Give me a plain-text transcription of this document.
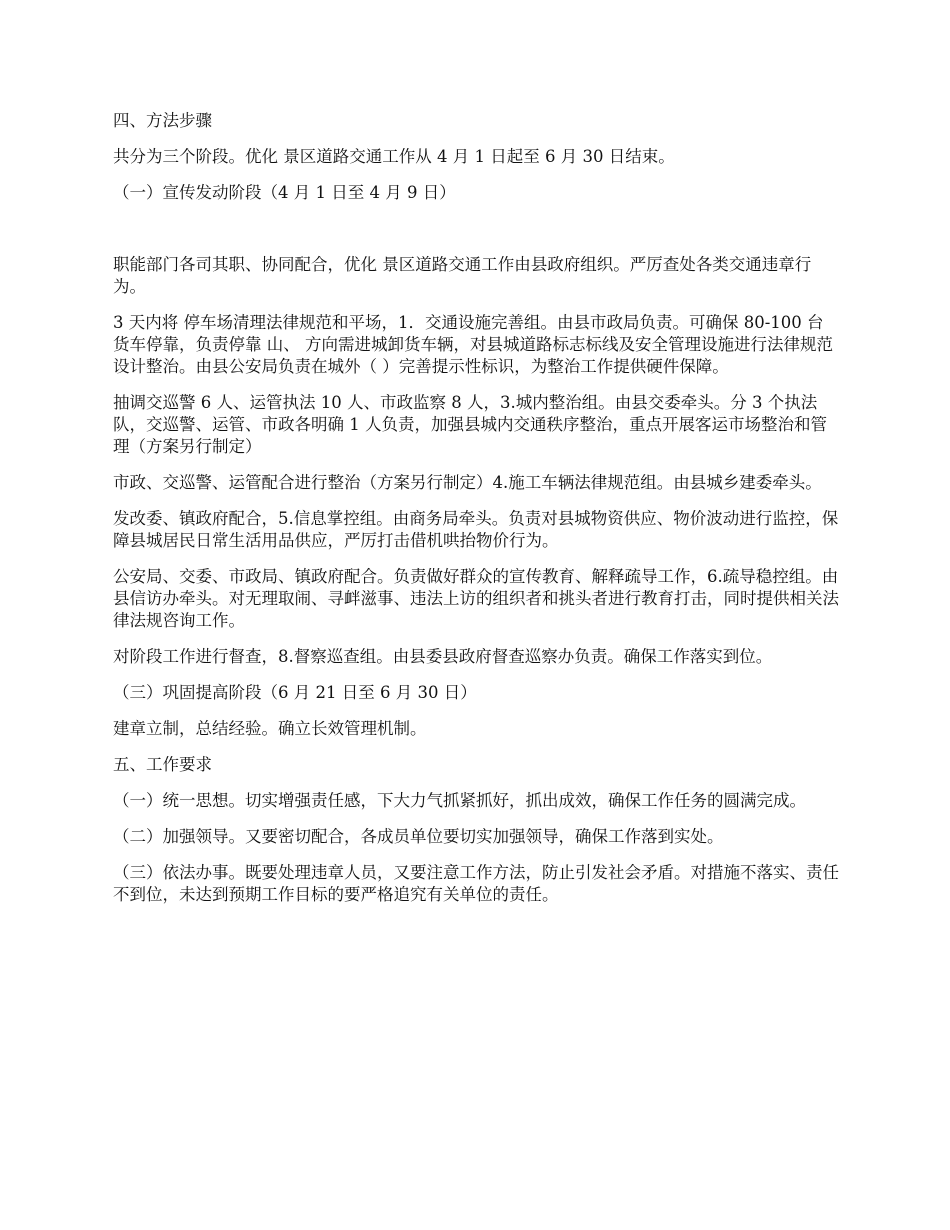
四、方法步骤

共分为三个阶段。优化 景区道路交通工作从 4 月 1 日起至 6 月 30 日结束。

（一）宣传发动阶段（4 月 1 日至 4 月 9 日）

职能部门各司其职、协同配合，优化 景区道路交通工作由县政府组织。严厉查处各类交通违章行为。

3 天内将 停车场清理法律规范和平场，1．交通设施完善组。由县市政局负责。可确保 80-100 台货车停靠，负责停靠 山、 方向需进城卸货车辆，对县城道路标志标线及安全管理设施进行法律规范设计整治。由县公安局负责在城外（ ）完善提示性标识，为整治工作提供硬件保障。

抽调交巡警 6 人、运管执法 10 人、市政监察 8 人，3.城内整治组。由县交委牵头。分 3 个执法队，交巡警、运管、市政各明确 1 人负责，加强县城内交通秩序整治，重点开展客运市场整治和管理（方案另行制定）

市政、交巡警、运管配合进行整治（方案另行制定）4.施工车辆法律规范组。由县城乡建委牵头。

发改委、镇政府配合，5.信息掌控组。由商务局牵头。负责对县城物资供应、物价波动进行监控，保障县城居民日常生活用品供应，严厉打击借机哄抬物价行为。

公安局、交委、市政局、镇政府配合。负责做好群众的宣传教育、解释疏导工作，6.疏导稳控组。由县信访办牵头。对无理取闹、寻衅滋事、违法上访的组织者和挑头者进行教育打击，同时提供相关法律法规咨询工作。

对阶段工作进行督查，8.督察巡查组。由县委县政府督查巡察办负责。确保工作落实到位。

（三）巩固提高阶段（6 月 21 日至 6 月 30 日）

建章立制，总结经验。确立长效管理机制。

五、工作要求

（一）统一思想。切实增强责任感，下大力气抓紧抓好，抓出成效，确保工作任务的圆满完成。

（二）加强领导。又要密切配合，各成员单位要切实加强领导，确保工作落到实处。

（三）依法办事。既要处理违章人员，又要注意工作方法，防止引发社会矛盾。对措施不落实、责任不到位，未达到预期工作目标的要严格追究有关单位的责任。
